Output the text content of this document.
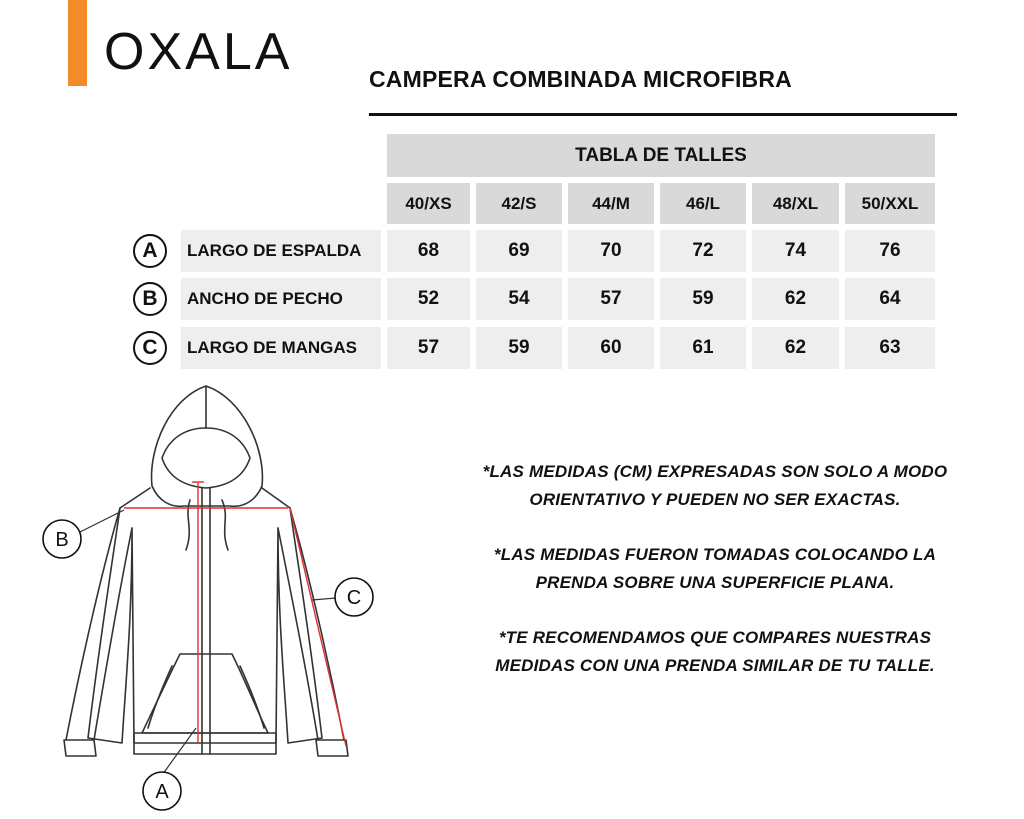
OXALA	CAMPERA COMBINADA MICROFIBRA
TABLA DE TALLES
40/XS	42/S	44/M	46/L	48/XL	50/XXL
A	LARGO DE ESPALDA	68	69	70	72	74	76
B	ANCHO DE PECHO	52	54	57	59	62	64
C	LARGO DE MANGAS	57	59	60	61	62	63
B
C
A

*LAS MEDIDAS (CM) EXPRESADAS SON SOLO A MODO ORIENTATIVO Y PUEDEN NO SER EXACTAS.

*LAS MEDIDAS FUERON TOMADAS COLOCANDO LA PRENDA SOBRE UNA SUPERFICIE PLANA.

*TE RECOMENDAMOS QUE COMPARES NUESTRAS MEDIDAS CON UNA PRENDA SIMILAR DE TU TALLE.
